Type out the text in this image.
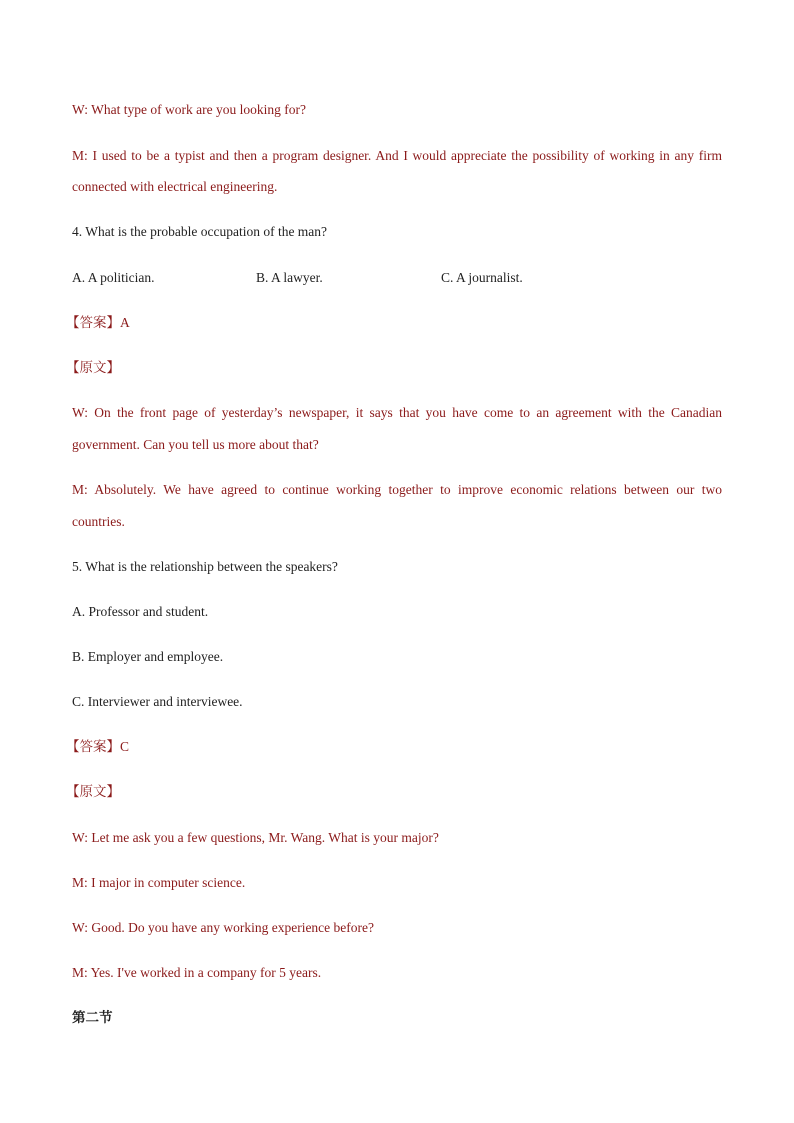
W: What type of work are you looking for?
M: I used to be a typist and then a program designer. And I would appreciate the possibility of working in any firm
connected with electrical engineering.
4. What is the probable occupation of the man?
A. A politician.	B. A lawyer.	C. A journalist.
【答案】A
【原文】
W: On the front page of yesterday’s newspaper, it says that you have come to an agreement with the Canadian
government. Can you tell us more about that?
M: Absolutely. We have agreed to continue working together to improve economic relations between our two
countries.
5. What is the relationship between the speakers?
A. Professor and student.
B. Employer and employee.
C. Interviewer and interviewee.
【答案】C
【原文】
W: Let me ask you a few questions, Mr. Wang. What is your major?
M: I major in computer science.
W: Good. Do you have any working experience before?
M: Yes. I've worked in a company for 5 years.
第二节
